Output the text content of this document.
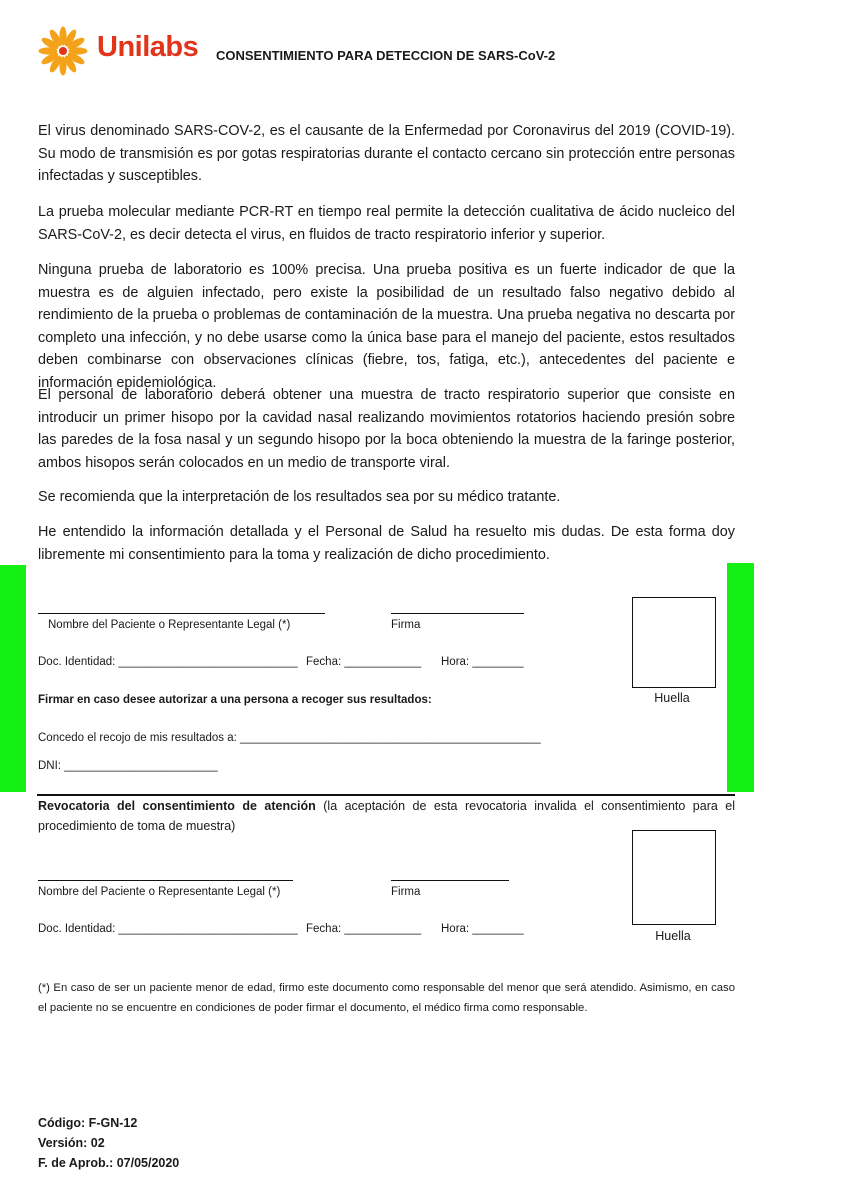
Unilabs CONSENTIMIENTO PARA DETECCION DE SARS-CoV-2

El virus denominado SARS-COV-2, es el causante de la Enfermedad por Coronavirus del 2019 (COVID-19). Su modo de transmisión es por gotas respiratorias durante el contacto cercano sin protección entre personas infectadas y susceptibles.

La prueba molecular mediante PCR-RT en tiempo real permite la detección cualitativa de ácido nucleico del SARS-CoV-2, es decir detecta el virus, en fluidos de tracto respiratorio inferior y superior.

Ninguna prueba de laboratorio es 100% precisa. Una prueba positiva es un fuerte indicador de que la muestra es de alguien infectado, pero existe la posibilidad de un resultado falso negativo debido al rendimiento de la prueba o problemas de contaminación de la muestra. Una prueba negativa no descarta por completo una infección, y no debe usarse como la única base para el manejo del paciente, estos resultados deben combinarse con observaciones clínicas (fiebre, tos, fatiga, etc.), antecedentes del paciente e información epidemiológica.

El personal de laboratorio deberá obtener una muestra de tracto respiratorio superior que consiste en introducir un primer hisopo por la cavidad nasal realizando movimientos rotatorios haciendo presión sobre las paredes de la fosa nasal y un segundo hisopo por la boca obteniendo la muestra de la faringe posterior, ambos hisopos serán colocados en un medio de transporte viral.

Se recomienda que la interpretación de los resultados sea por su médico tratante.

He entendido la información detallada y el Personal de Salud ha resuelto mis dudas. De esta forma doy libremente mi consentimiento para la toma y realización de dicho procedimiento.

Nombre del Paciente o Representante Legal (*)	Firma
Doc. Identidad: ____________________________ Fecha: ____________ Hora: ________
Huella
Firmar en caso desee autorizar a una persona a recoger sus resultados:
Concedo el recojo de mis resultados a: _______________________________________________
DNI: ________________________
Revocatoria del consentimiento de atención (la aceptación de esta revocatoria invalida el consentimiento para el procedimiento de toma de muestra)
Nombre del Paciente o Representante Legal (*)	Firma
Doc. Identidad: ____________________________ Fecha: ____________ Hora: ________	Huella
(*) En caso de ser un paciente menor de edad, firmo este documento como responsable del menor que será atendido. Asimismo, en caso el paciente no se encuentre en condiciones de poder firmar el documento, el médico firma como responsable.
Código: F-GN-12
Versión: 02
F. de Aprob.: 07/05/2020
